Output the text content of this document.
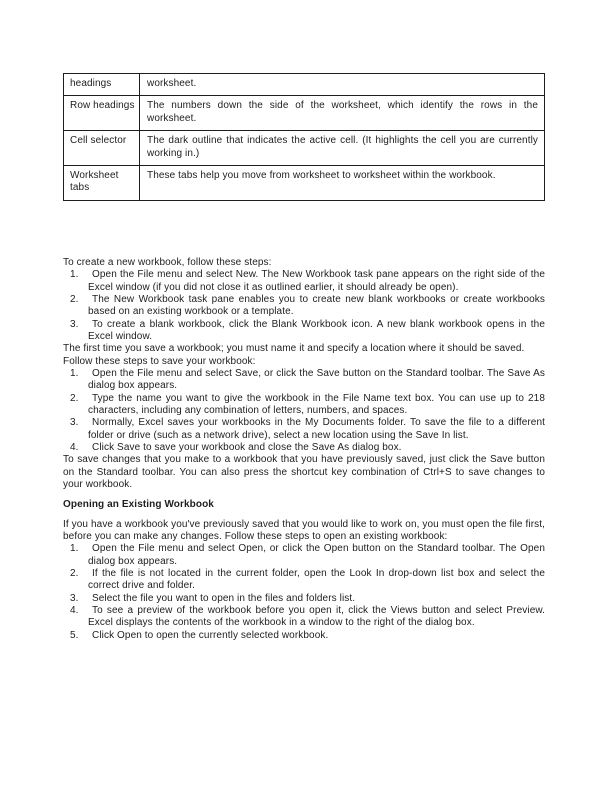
headings	worksheet.
Row headings	The numbers down the side of the worksheet, which identify the rows in the worksheet.
Cell selector	The dark outline that indicates the active cell. (It highlights the cell you are currently working in.)
Worksheet tabs	These tabs help you move from worksheet to worksheet within the workbook.

To create a new workbook, follow these steps:

1. Open the File menu and select New. The New Workbook task pane appears on the right side of the Excel window (if you did not close it as outlined earlier, it should already be open).
2. The New Workbook task pane enables you to create new blank workbooks or create workbooks based on an existing workbook or a template.
3. To create a blank workbook, click the Blank Workbook icon. A new blank workbook opens in the Excel window.

The first time you save a workbook; you must name it and specify a location where it should be saved.

Follow these steps to save your workbook:

1. Open the File menu and select Save, or click the Save button on the Standard toolbar. The Save As dialog box appears.
2. Type the name you want to give the workbook in the File Name text box. You can use up to 218 characters, including any combination of letters, numbers, and spaces.
3. Normally, Excel saves your workbooks in the My Documents folder. To save the file to a different folder or drive (such as a network drive), select a new location using the Save In list.
4. Click Save to save your workbook and close the Save As dialog box.

To save changes that you make to a workbook that you have previously saved, just click the Save button on the Standard toolbar. You can also press the shortcut key combination of Ctrl+S to save changes to your workbook.

Opening an Existing Workbook

If you have a workbook you've previously saved that you would like to work on, you must open the file first, before you can make any changes. Follow these steps to open an existing workbook:

1. Open the File menu and select Open, or click the Open button on the Standard toolbar. The Open dialog box appears.
2. If the file is not located in the current folder, open the Look In drop-down list box and select the correct drive and folder.
3. Select the file you want to open in the files and folders list.
4. To see a preview of the workbook before you open it, click the Views button and select Preview. Excel displays the contents of the workbook in a window to the right of the dialog box.
5. Click Open to open the currently selected workbook.
